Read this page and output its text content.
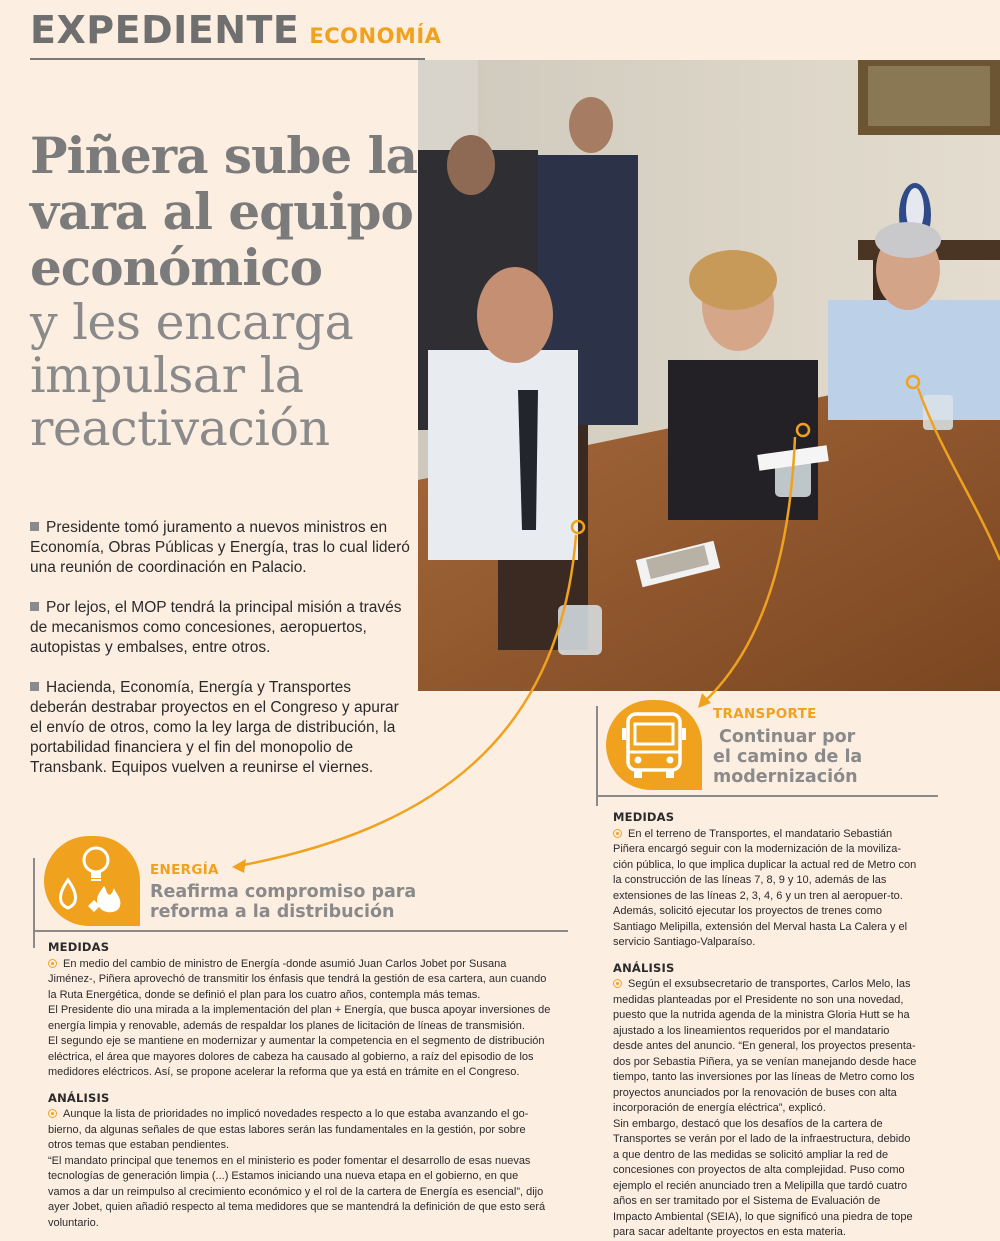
EXPEDIENTE ECONOMÍA
Piñera sube la
vara al equipo
económico
y les encarga
impulsar la
reactivación

Presidente tomó juramento a nuevos ministros en Economía, Obras Públicas y Energía, tras lo cual lideró una reunión de coordinación en Palacio.

Por lejos, el MOP tendrá la principal misión a través de mecanismos como concesiones, aeropuertos, autopistas y embalses, entre otros.

Hacienda, Economía, Energía y Transportes deberán destrabar proyectos en el Congreso y apurar el envío de otros, como la ley larga de distribución, la portabilidad financiera y el fin del monopolio de Transbank. Equipos vuelven a reunirse el viernes.

TRANSPORTE
Continuar por
el camino de la
modernización
MEDIDAS

En el terreno de Transportes, el mandatario Sebastián Piñera encargó seguir con la modernización de la moviliza-ción pública, lo que implica duplicar la actual red de Metro con la construcción de las líneas 7, 8, 9 y 10, además de las extensiones de las líneas 2, 3, 4, 6 y un tren al aeropuer-to. Además, solicitó ejecutar los proyectos de trenes como Santiago Melipilla, extensión del Merval hasta La Calera y el servicio Santiago-Valparaíso.

ANÁLISIS

Según el exsubsecretario de transportes, Carlos Melo, las medidas planteadas por el Presidente no son una novedad, puesto que la nutrida agenda de la ministra Gloria Hutt se ha ajustado a los lineamientos requeridos por el mandatario desde antes del anuncio. “En general, los proyectos presenta-dos por Sebastia Piñera, ya se venían manejando desde hace tiempo, tanto las inversiones por las líneas de Metro como los proyectos anunciados por la renovación de buses con alta incorporación de energía eléctrica”, explicó.

Sin embargo, destacó que los desafíos de la cartera de Transportes se verán por el lado de la infraestructura, debido a que dentro de las medidas se solicitó ampliar la red de concesiones con proyectos de alta complejidad. Puso como ejemplo el recién anunciado tren a Melipilla que tardó cuatro años en ser tramitado por el Sistema de Evaluación de Impacto Ambiental (SEIA), lo que significó una piedra de tope para sacar adeltante proyectos en esta materia.

ENERGÍA
Reafirma compromiso para
reforma a la distribución
MEDIDAS

En medio del cambio de ministro de Energía -donde asumió Juan Carlos Jobet por Susana Jiménez-, Piñera aprovechó de transmitir los énfasis que tendrá la gestión de esa cartera, aun cuando la Ruta Energética, donde se definió el plan para los cuatro años, contempla más temas.

El Presidente dio una mirada a la implementación del plan + Energía, que busca apoyar inversiones de energía limpia y renovable, además de respaldar los planes de licitación de líneas de transmisión.

El segundo eje se mantiene en modernizar y aumentar la competencia en el segmento de distribución eléctrica, el área que mayores dolores de cabeza ha causado al gobierno, a raíz del episodio de los medidores eléctricos. Así, se propone acelerar la reforma que ya está en trámite en el Congreso.

ANÁLISIS

Aunque la lista de prioridades no implicó novedades respecto a lo que estaba avanzando el go-bierno, da algunas señales de que estas labores serán las fundamentales en la gestión, por sobre otros temas que estaban pendientes.

“El mandato principal que tenemos en el ministerio es poder fomentar el desarrollo de esas nuevas tecnologías de generación limpia (...) Estamos iniciando una nueva etapa en el gobierno, en que vamos a dar un reimpulso al crecimiento económico y el rol de la cartera de Energía es esencial”, dijo ayer Jobet, quien añadió respecto al tema medidores que se mantendrá la definición de que esto será voluntario.
